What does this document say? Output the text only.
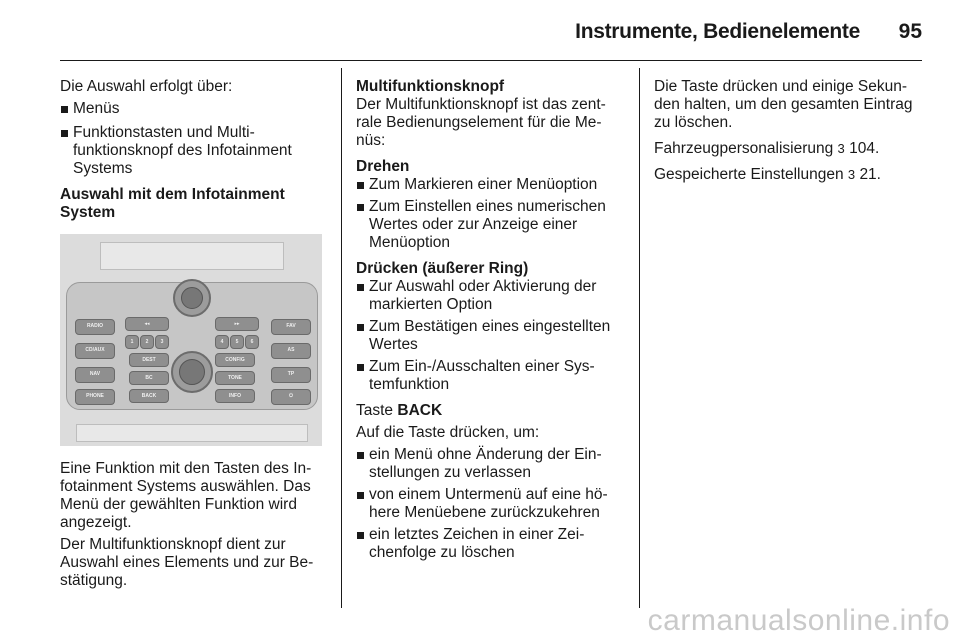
Instrumente, Bedienelemente	95

Die Auswahl erfolgt über:

Menüs
Funktionstasten und Multi- funktionsknopf des Infotainment Systems

Auswahl mit dem Infotainment System

RADIO
CD/AUX
NAV
PHONE
FAV
AS
TP
⏻
◂◂	▸▸
1	2	3	4	5	6
DEST	CONFIG
BC	TONE
BACK	INFO

Eine Funktion mit den Tasten des In- fotainment Systems auswählen. Das Menü der gewählten Funktion wird angezeigt.

Der Multifunktionsknopf dient zur Auswahl eines Elements und zur Be- stätigung.

Multifunktionsknopf

Der Multifunktionsknopf ist das zent- rale Bedienungselement für die Me- nüs:

Drehen

Zum Markieren einer Menüoption
Zum Einstellen eines numerischen Wertes oder zur Anzeige einer Menüoption

Drücken (äußerer Ring)

Zur Auswahl oder Aktivierung der markierten Option
Zum Bestätigen eines eingestellten Wertes
Zum Ein-/Ausschalten einer Sys- temfunktion

Taste BACK

Auf die Taste drücken, um:

ein Menü ohne Änderung der Ein- stellungen zu verlassen
von einem Untermenü auf eine hö- here Menüebene zurückzukehren
ein letztes Zeichen in einer Zei- chenfolge zu löschen

Die Taste drücken und einige Sekun- den halten, um den gesamten Eintrag zu löschen.

Fahrzeugpersonalisierung 3 104.

Gespeicherte Einstellungen 3 21.

carmanualsonline.info
